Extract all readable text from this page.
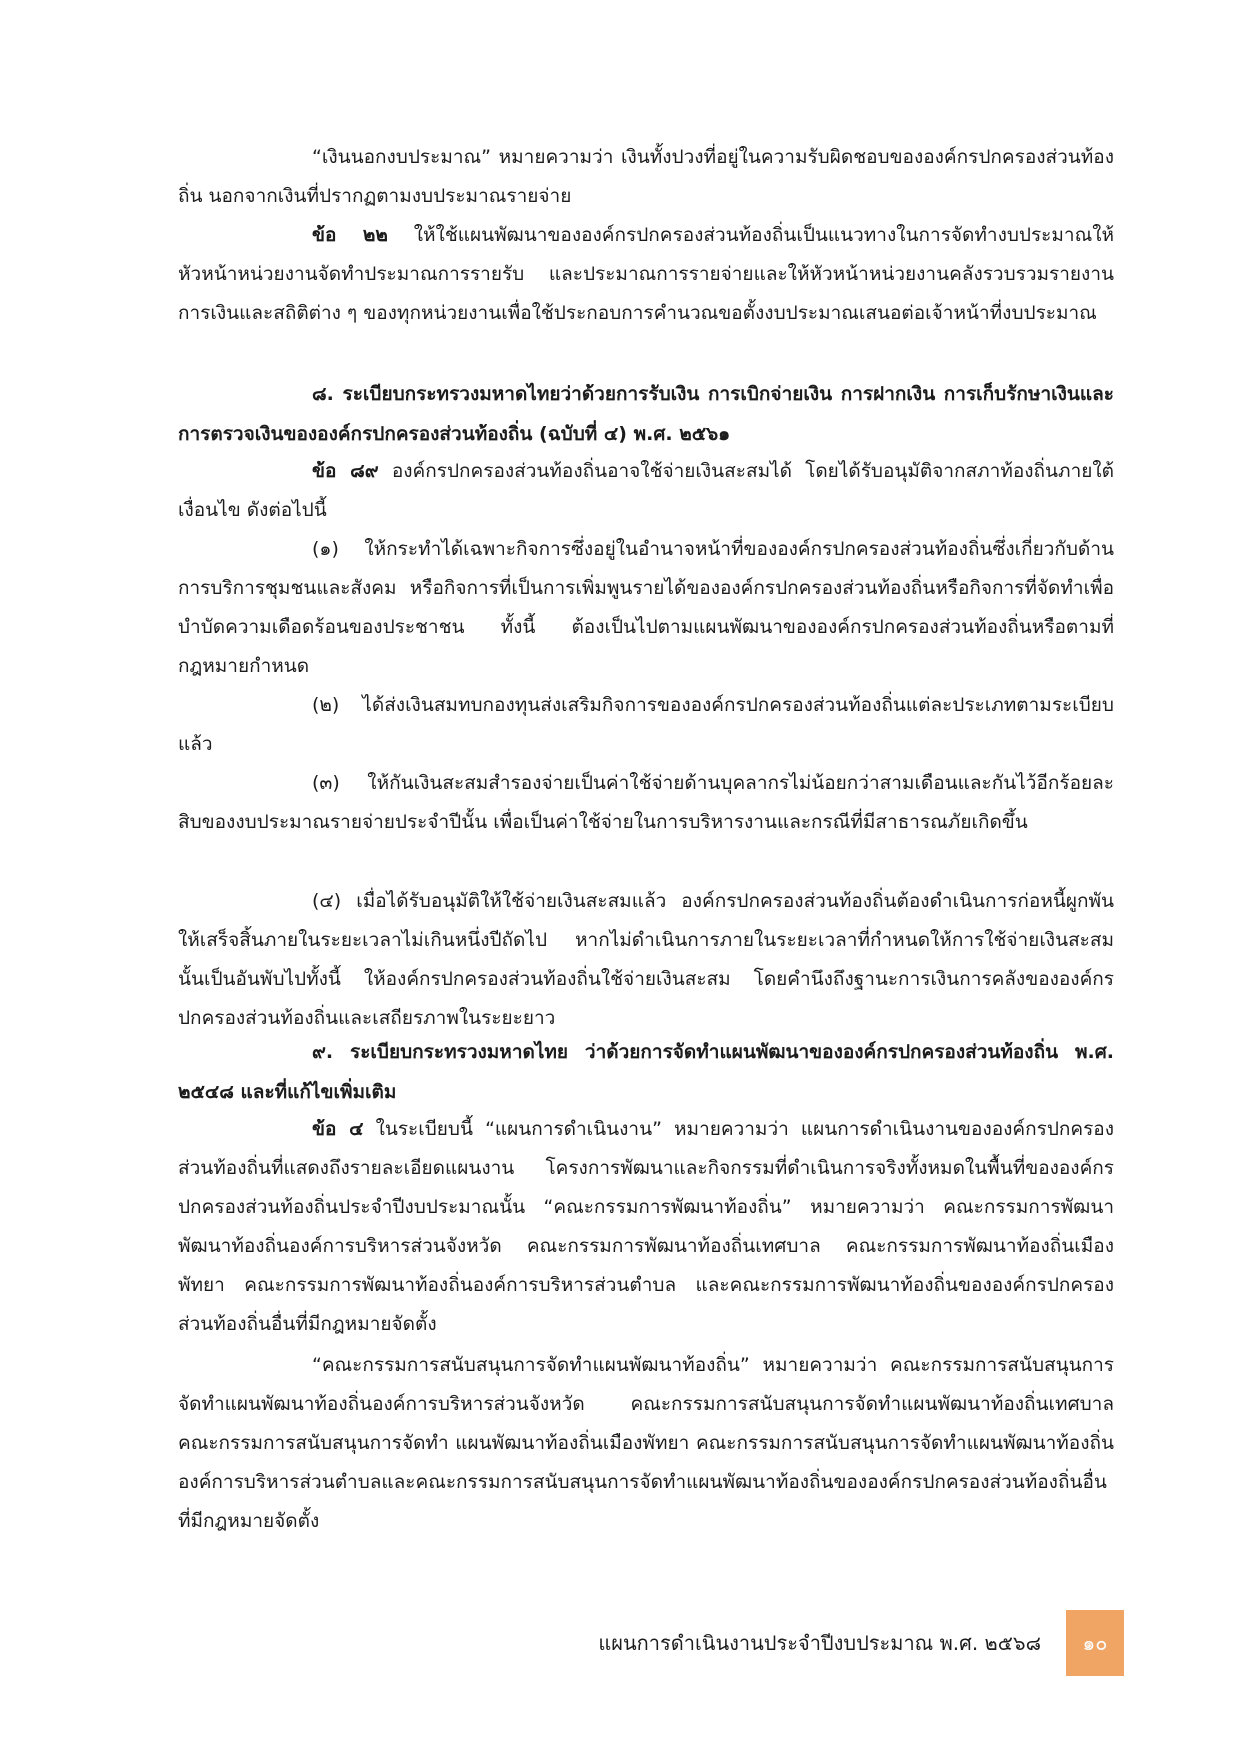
“เงินนอกงบประมาณ” หมายความว่า เงินทั้งปวงที่อยู่ในความรับผิดชอบขององค์กรปกครองส่วนท้องถิ่น นอกจากเงินที่ปรากฏตามงบประมาณรายจ่าย

ข้อ ๒๒ ให้ใช้แผนพัฒนาขององค์กรปกครองส่วนท้องถิ่นเป็นแนวทางในการจัดทำงบประมาณให้หัวหน้าหน่วยงานจัดทำประมาณการรายรับ และประมาณการรายจ่ายและให้หัวหน้าหน่วยงานคลังรวบรวมรายงานการเงินและสถิติต่าง ๆ ของทุกหน่วยงานเพื่อใช้ประกอบการคำนวณขอตั้งงบประมาณเสนอต่อเจ้าหน้าที่งบประมาณ

๘. ระเบียบกระทรวงมหาดไทยว่าด้วยการรับเงิน การเบิกจ่ายเงิน การฝากเงิน การเก็บรักษาเงินและการตรวจเงินขององค์กรปกครองส่วนท้องถิ่น (ฉบับที่ ๔) พ.ศ. ๒๕๖๑

ข้อ ๘๙ องค์กรปกครองส่วนท้องถิ่นอาจใช้จ่ายเงินสะสมได้ โดยได้รับอนุมัติจากสภาท้องถิ่นภายใต้เงื่อนไข ดังต่อไปนี้

(๑) ให้กระทำได้เฉพาะกิจการซึ่งอยู่ในอำนาจหน้าที่ขององค์กรปกครองส่วนท้องถิ่นซึ่งเกี่ยวกับด้านการบริการชุมชนและสังคม หรือกิจการที่เป็นการเพิ่มพูนรายได้ขององค์กรปกครองส่วนท้องถิ่นหรือกิจการที่จัดทำเพื่อบำบัดความเดือดร้อนของประชาชน ทั้งนี้ ต้องเป็นไปตามแผนพัฒนาขององค์กรปกครองส่วนท้องถิ่นหรือตามที่กฎหมายกำหนด

(๒) ได้ส่งเงินสมทบกองทุนส่งเสริมกิจการขององค์กรปกครองส่วนท้องถิ่นแต่ละประเภทตามระเบียบแล้ว

(๓) ให้กันเงินสะสมสำรองจ่ายเป็นค่าใช้จ่ายด้านบุคลากรไม่น้อยกว่าสามเดือนและกันไว้อีกร้อยละสิบของงบประมาณรายจ่ายประจำปีนั้น เพื่อเป็นค่าใช้จ่ายในการบริหารงานและกรณีที่มีสาธารณภัยเกิดขึ้น

(๔) เมื่อได้รับอนุมัติให้ใช้จ่ายเงินสะสมแล้ว องค์กรปกครองส่วนท้องถิ่นต้องดำเนินการก่อหนี้ผูกพันให้เสร็จสิ้นภายในระยะเวลาไม่เกินหนึ่งปีถัดไป หากไม่ดำเนินการภายในระยะเวลาที่กำหนดให้การใช้จ่ายเงินสะสมนั้นเป็นอันพับไปทั้งนี้ ให้องค์กรปกครองส่วนท้องถิ่นใช้จ่ายเงินสะสม โดยคำนึงถึงฐานะการเงินการคลังขององค์กรปกครองส่วนท้องถิ่นและเสถียรภาพในระยะยาว

๙. ระเบียบกระทรวงมหาดไทย ว่าด้วยการจัดทำแผนพัฒนาขององค์กรปกครองส่วนท้องถิ่น พ.ศ. ๒๕๔๘ และที่แก้ไขเพิ่มเติม

ข้อ ๔ ในระเบียบนี้ “แผนการดำเนินงาน” หมายความว่า แผนการดำเนินงานขององค์กรปกครองส่วนท้องถิ่นที่แสดงถึงรายละเอียดแผนงาน โครงการพัฒนาและกิจกรรมที่ดำเนินการจริงทั้งหมดในพื้นที่ขององค์กรปกครองส่วนท้องถิ่นประจำปีงบประมาณนั้น “คณะกรรมการพัฒนาท้องถิ่น” หมายความว่า คณะกรรมการพัฒนาพัฒนาท้องถิ่นองค์การบริหารส่วนจังหวัด คณะกรรมการพัฒนาท้องถิ่นเทศบาล คณะกรรมการพัฒนาท้องถิ่นเมืองพัทยา คณะกรรมการพัฒนาท้องถิ่นองค์การบริหารส่วนตำบล และคณะกรรมการพัฒนาท้องถิ่นขององค์กรปกครองส่วนท้องถิ่นอื่นที่มีกฎหมายจัดตั้ง

“คณะกรรมการสนับสนุนการจัดทำแผนพัฒนาท้องถิ่น” หมายความว่า คณะกรรมการสนับสนุนการจัดทำแผนพัฒนาท้องถิ่นองค์การบริหารส่วนจังหวัด คณะกรรมการสนับสนุนการจัดทำแผนพัฒนาท้องถิ่นเทศบาล คณะกรรมการสนับสนุนการจัดทำ แผนพัฒนาท้องถิ่นเมืองพัทยา คณะกรรมการสนับสนุนการจัดทำแผนพัฒนาท้องถิ่นองค์การบริหารส่วนตำบลและคณะกรรมการสนับสนุนการจัดทำแผนพัฒนาท้องถิ่นขององค์กรปกครองส่วนท้องถิ่นอื่น ที่มีกฎหมายจัดตั้ง

แผนการดำเนินงานประจำปีงบประมาณ พ.ศ. ๒๕๖๘	๑๐
